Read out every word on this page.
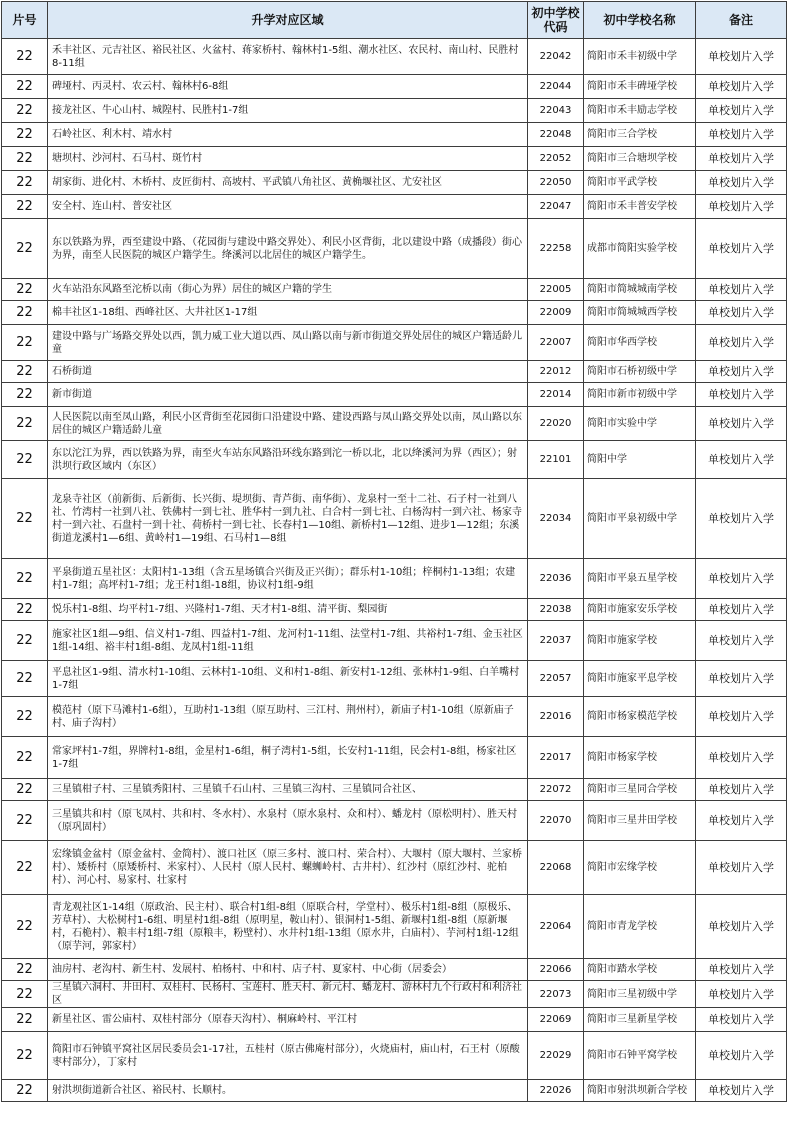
片号	升学对应区域	初中学校代码	初中学校名称	备注
22	禾丰社区、元吉社区、裕民社区、火盆村、蒋家桥村、翰林村1-5组、潮水社区、农民村、南山村、民胜村8-11组	22042	简阳市禾丰初级中学	单校划片入学
22	碑垭村、丙灵村、农云村、翰林村6-8组	22044	简阳市禾丰碑垭学校	单校划片入学
22	接龙社区、牛心山村、城隍村、民胜村1-7组	22043	简阳市禾丰励志学校	单校划片入学
22	石岭社区、利木村、靖水村	22048	简阳市三合学校	单校划片入学
22	塘坝村、沙河村、石马村、斑竹村	22052	简阳市三合塘坝学校	单校划片入学
22	胡家街、进化村、木桥村、皮匠街村、高坡村、平武镇八角社区、黄桷堰社区、尤安社区	22050	简阳市平武学校	单校划片入学
22	安全村、连山村、普安社区	22047	简阳市禾丰普安学校	单校划片入学
22	东以铁路为界，西至建设中路、（花园街与建设中路交界处）、利民小区背街，北以建设中路（成播段）街心为界，南至人民医院的城区户籍学生。绛溪河以北居住的城区户籍学生。	22258	成都市简阳实验学校	单校划片入学
22	火车站沿东风路至沱桥以南（街心为界）居住的城区户籍的学生	22005	简阳市简城城南学校	单校划片入学
22	棉丰社区1-18组、西峰社区、大井社区1-17组	22009	简阳市简城城西学校	单校划片入学
22	建设中路与广场路交界处以西，凯力威工业大道以西、凤山路以南与新市街道交界处居住的城区户籍适龄儿童	22007	简阳市华西学校	单校划片入学
22	石桥街道	22012	简阳市石桥初级中学	单校划片入学
22	新市街道	22014	简阳市新市初级中学	单校划片入学
22	人民医院以南至凤山路，利民小区背街至花园街口沿建设中路、建设西路与凤山路交界处以南，凤山路以东居住的城区户籍适龄儿童	22020	简阳市实验中学	单校划片入学
22	东以沱江为界，西以铁路为界，南至火车站东风路沿环线东路到沱一桥以北，北以绛溪河为界（西区）；射洪坝行政区域内（东区）	22101	简阳中学	单校划片入学
22	龙泉寺社区（前新街、后新街、长兴街、堤坝街、青芦街、南华街）、龙泉村一至十二社、石子村一社到八社、竹湾村一社到八社、铁佛村一到七社、胜华村一到九社、白合村一到七社、白杨沟村一到六社、杨家寺村一到六社、石盘村一到十社、荷桥村一到七社、长春村1—10组、新桥村1—12组、进步1—12组；东溪街道龙溪村1—6组、黄岭村1—19组、石马村1—8组	22034	简阳市平泉初级中学	单校划片入学
22	平泉街道五星社区：太阳村1-13组（含五星场镇合兴街及正兴街）；群乐村1-10组；梓桐村1-13组；农建村1-7组；高坪村1-7组；龙王村1组-18组，协议村1组-9组	22036	简阳市平泉五星学校	单校划片入学
22	悦乐村1-8组、均平村1-7组、兴隆村1-7组、天才村1-8组、清平街、梨园街	22038	简阳市施家安乐学校	单校划片入学
22	施家社区1组—9组、信义村1-7组、四益村1-7组、龙河村1-11组、法堂村1-7组、共裕村1-7组、金玉社区1组-14组、裕丰村1组-8组、龙凤村1组-11组	22037	简阳市施家学校	单校划片入学
22	平息社区1-9组、清水村1-10组、云林村1-10组、义和村1-8组、新安村1-12组、张林村1-9组、白羊嘴村1-7组	22057	简阳市施家平息学校	单校划片入学
22	模范村（原下马滩村1-6组），互助村1-13组（原互助村、三江村、荆州村），新庙子村1-10组（原新庙子村、庙子沟村）	22016	简阳市杨家模范学校	单校划片入学
22	常家坪村1-7组，界牌村1-8组，金星村1-6组，桐子湾村1-5组，长安村1-11组，民会村1-8组，杨家社区1-7组	22017	简阳市杨家学校	单校划片入学
22	三星镇柑子村、三星镇秀阳村、三星镇千石山村、三星镇三沟村、三星镇同合社区、	22072	简阳市三星同合学校	单校划片入学
22	三星镇共和村（原飞凤村、共和村、冬水村）、水泉村（原水泉村、众和村）、蟠龙村（原松明村）、胜天村（原巩固村）	22070	简阳市三星井田学校	单校划片入学
22	宏缘镇金盆村（原金盆村、金简村）、渡口社区（原三多村、渡口村、荣合村）、大堰村（原大堰村、兰家桥村）、矮桥村（原矮桥村、米家村）、人民村（原人民村、螺蛳岭村、古井村）、红沙村（原红沙村、驼柏村）、河心村、易家村、壮家村	22068	简阳市宏缘学校	单校划片入学
22	青龙观社区1-14组（原政治、民主村）、联合村1组-8组（原联合村，学堂村）、极乐村1组-8组（原极乐、芳草村）、大松树村1-6组、明星村1组-8组（原明星，鞍山村）、银洞村1-5组、新堰村1组-8组（原新堰村，石桅村）、粮丰村1组-7组（原粮丰，粉壁村）、水井村1组-13组（原水井，白庙村）、芋河村1组-12组（原芋河，郭家村）	22064	简阳市青龙学校	单校划片入学
22	油房村、老沟村、新生村、发展村、柏杨村、中和村、店子村、夏家村、中心街（居委会）	22066	简阳市踏水学校	单校划片入学
22	三星镇六洞村、井田村、双桂村、民杨村、宝莲村、胜天村、新元村、蟠龙村、游林村九个行政村和利济社区	22073	简阳市三星初级中学	单校划片入学
22	新星社区、雷公庙村、双桂村部分（原春天沟村）、桐麻岭村、平江村	22069	简阳市三星新星学校	单校划片入学
22	简阳市石钟镇平窝社区居民委员会1-17社，五桂村（原古佛庵村部分），火烧庙村，庙山村，石王村（原酸枣村部分），丁家村	22029	简阳市石钟平窝学校	单校划片入学
22	射洪坝街道新合社区、裕民村、长顺村。	22026	简阳市射洪坝新合学校	单校划片入学
